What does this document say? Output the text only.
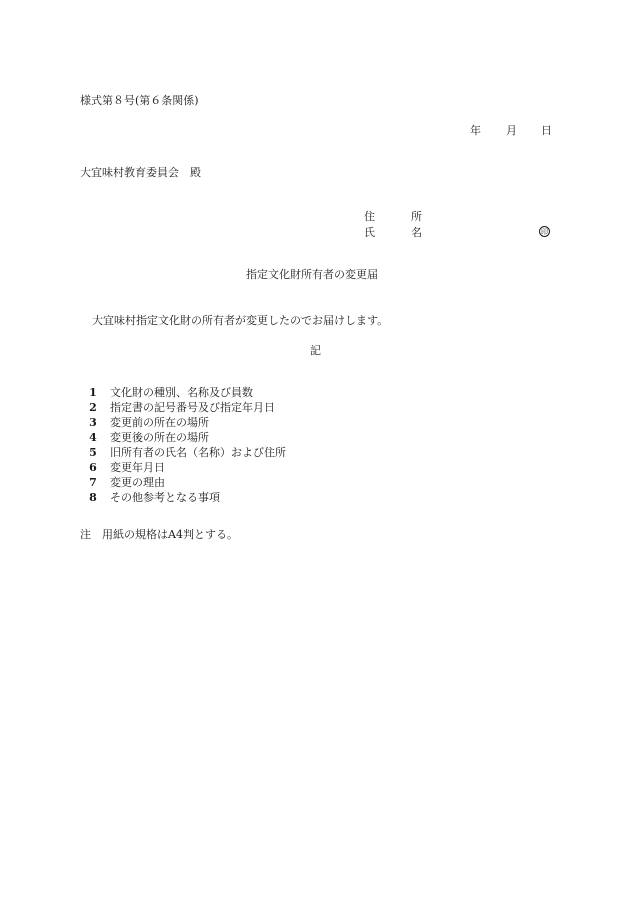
様式第８号(第６条関係)
年 月 日
大宜味村教育委員会　殿
住	所
氏	名	印
指定文化財所有者の変更届
大宜味村指定文化財の所有者が変更したのでお届けします。
記
1 文化財の種別、名称及び員数
2 指定書の記号番号及び指定年月日
3 変更前の所在の場所
4 変更後の所在の場所
5 旧所有者の氏名（名称）および住所
6 変更年月日
7 変更の理由
8 その他参考となる事項
注 用紙の規格はA4判とする。
